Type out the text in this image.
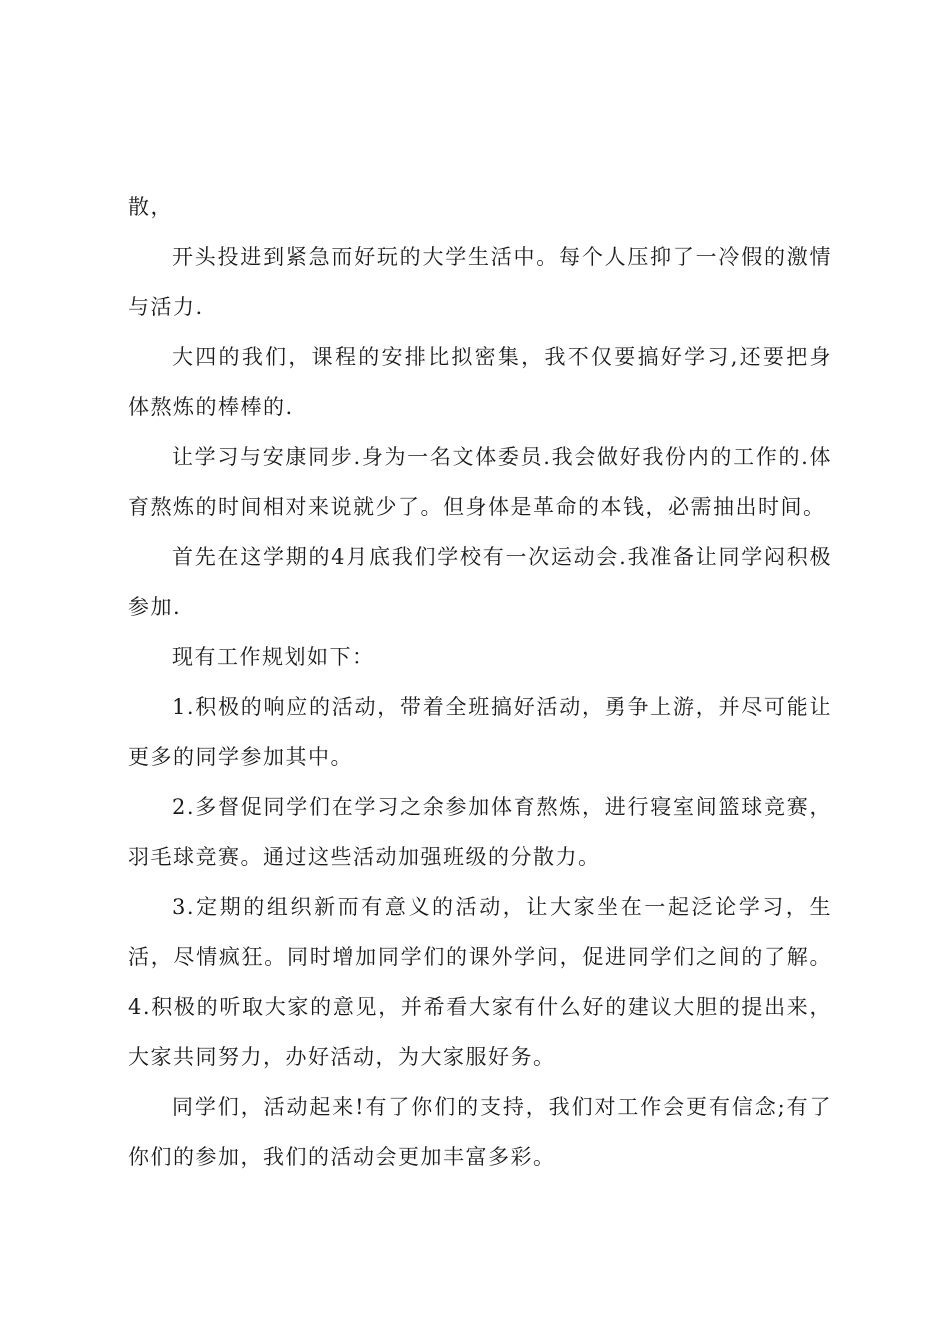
散，

开头投进到紧急而好玩的大学生活中。每个人压抑了一冷假的激情与活力.

大四的我们，课程的安排比拟密集，我不仅要搞好学习,还要把身体熬炼的棒棒的.

让学习与安康同步.身为一名文体委员.我会做好我份内的工作的.体育熬炼的时间相对来说就少了。但身体是革命的本钱，必需抽出时间。

首先在这学期的4月底我们学校有一次运动会.我准备让同学闷积极参加.

现有工作规划如下：

1.积极的响应的活动，带着全班搞好活动，勇争上游，并尽可能让更多的同学参加其中。

2.多督促同学们在学习之余参加体育熬炼，进行寝室间篮球竞赛，羽毛球竞赛。通过这些活动加强班级的分散力。

3.定期的组织新而有意义的活动，让大家坐在一起泛论学习，生活，尽情疯狂。同时增加同学们的课外学问，促进同学们之间的了解。4.积极的听取大家的意见，并希看大家有什么好的建议大胆的提出来，大家共同努力，办好活动，为大家服好务。

同学们，活动起来!有了你们的支持，我们对工作会更有信念;有了你们的参加，我们的活动会更加丰富多彩。
